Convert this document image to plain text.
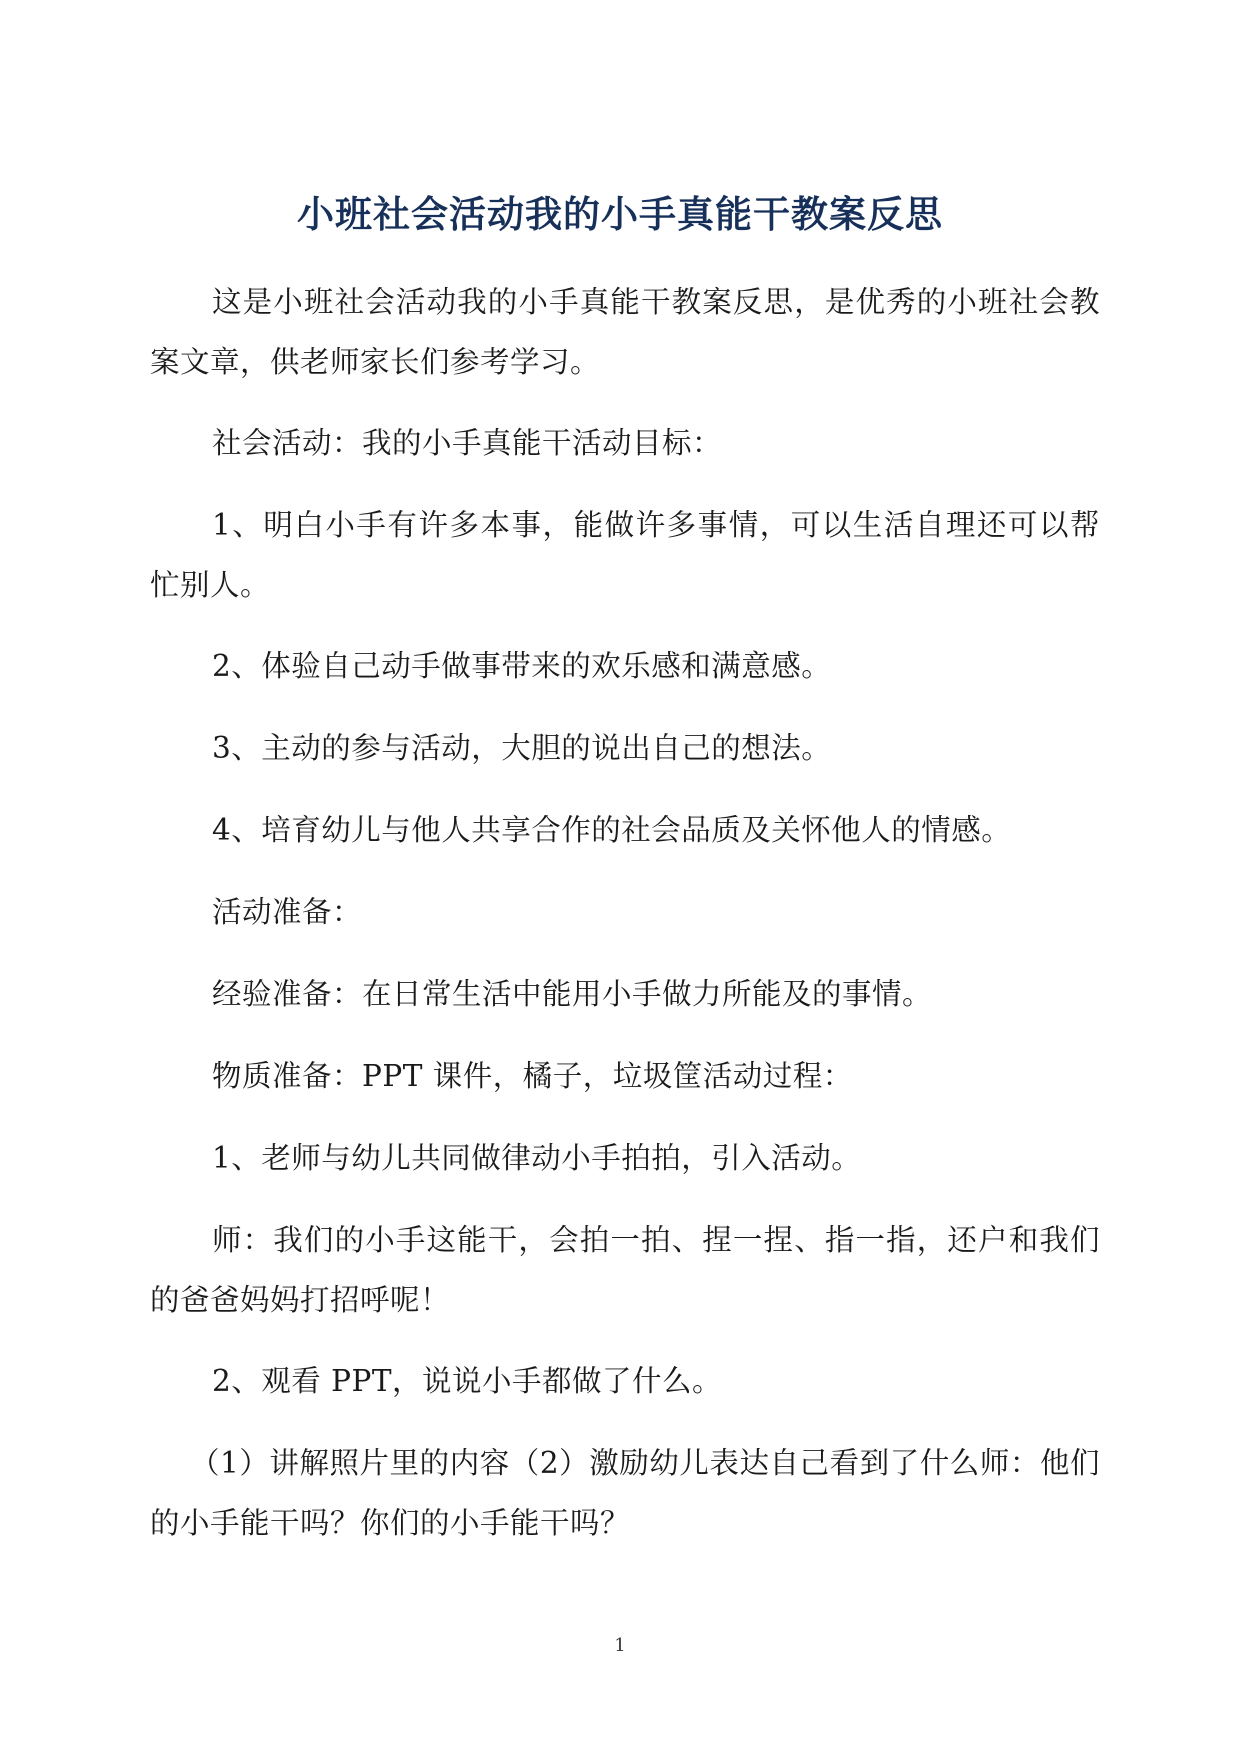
小班社会活动我的小手真能干教案反思

这是小班社会活动我的小手真能干教案反思，是优秀的小班社会教案文章，供老师家长们参考学习。

社会活动：我的小手真能干活动目标：

1、明白小手有许多本事，能做许多事情，可以生活自理还可以帮忙别人。

2、体验自己动手做事带来的欢乐感和满意感。

3、主动的参与活动，大胆的说出自己的想法。

4、培育幼儿与他人共享合作的社会品质及关怀他人的情感。

活动准备：

经验准备：在日常生活中能用小手做力所能及的事情。

物质准备：PPT 课件，橘子，垃圾筐活动过程：

1、老师与幼儿共同做律动小手拍拍，引入活动。

师：我们的小手这能干，会拍一拍、捏一捏、指一指，还户和我们的爸爸妈妈打招呼呢！

2、观看 PPT，说说小手都做了什么。

（1）讲解照片里的内容（2）激励幼儿表达自己看到了什么师：他们的小手能干吗？你们的小手能干吗？

1
